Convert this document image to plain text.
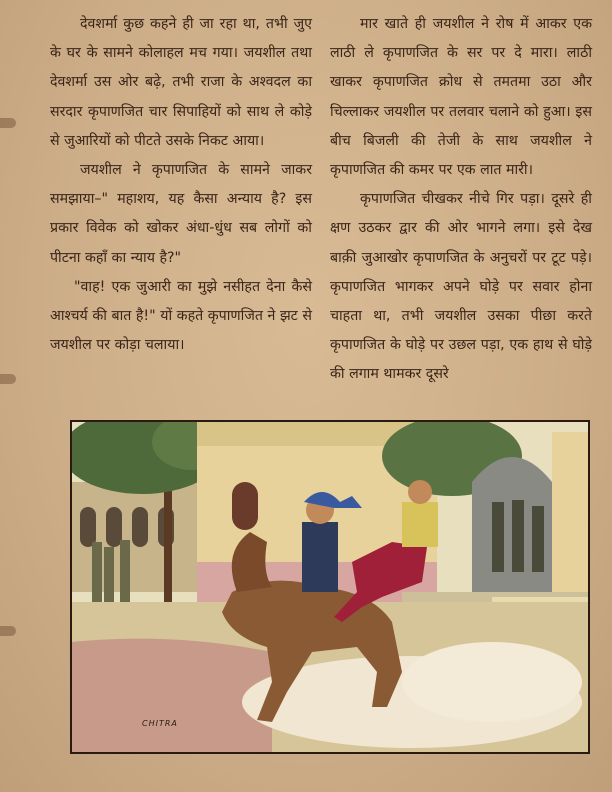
देवशर्मा कुछ कहने ही जा रहा था, तभी जुए के घर के सामने कोलाहल मच गया। जयशील तथा देवशर्मा उस ओर बढ़े, तभी राजा के अश्वदल का सरदार कृपाणजित चार सिपाहियों को साथ ले कोड़े से जुआरियों को पीटते उसके निकट आया।

जयशील ने कृपाणजित के सामने जाकर समझाया–" महाशय, यह कैसा अन्याय है? इस प्रकार विवेक को खोकर अंधा-धुंध सब लोगों को पीटना कहाँ का न्याय है?"

"वाह! एक जुआरी का मुझे नसीहत देना कैसे आश्चर्य की बात है!" यों कहते कृपाणजित ने झट से जयशील पर कोड़ा चलाया।

मार खाते ही जयशील ने रोष में आकर एक लाठी ले कृपाणजित के सर पर दे मारा। लाठी खाकर कृपाणजित क्रोध से तमतमा उठा और चिल्लाकर जयशील पर तलवार चलाने को हुआ। इस बीच बिजली की तेजी के साथ जयशील ने कृपाणजित की कमर पर एक लात मारी।

कृपाणजित चीखकर नीचे गिर पड़ा। दूसरे ही क्षण उठकर द्वार की ओर भागने लगा। इसे देख बाक़ी जुआखोर कृपाणजित के अनुचरों पर टूट पड़े। कृपाणजित भागकर अपने घोड़े पर सवार होना चाहता था, तभी जयशील उसका पीछा करते कृपाणजित के घोड़े पर उछल पड़ा, एक हाथ से घोड़े की लगाम थामकर दूसरे

CHITRA
